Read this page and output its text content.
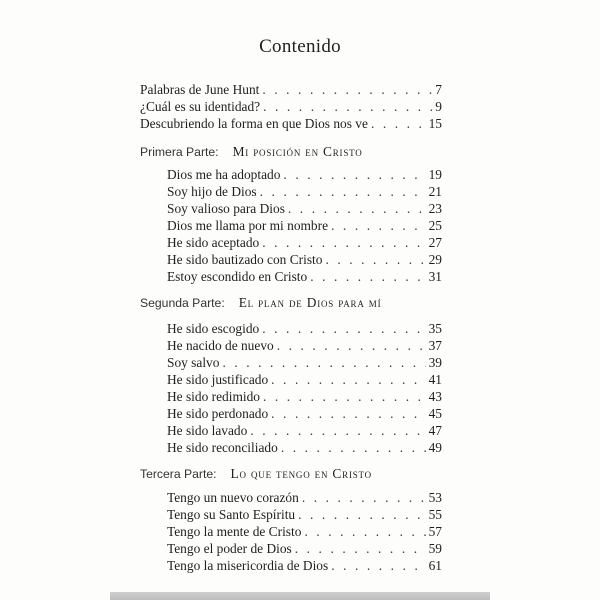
Contenido
Palabras de June Hunt . . .	7
¿Cuál es su identidad? . . .	9
Descubriendo la forma en que Dios nos ve . . .	15
Primera Parte: Mi posición en Cristo
Dios me ha adoptado . . .	19
Soy hijo de Dios . . .	21
Soy valioso para Dios . . .	23
Dios me llama por mi nombre . . .	25
He sido aceptado . . .	27
He sido bautizado con Cristo . . .	29
Estoy escondido en Cristo . . .	31
Segunda Parte: El plan de Dios para mí
He sido escogido . . .	35
He nacido de nuevo . . .	37
Soy salvo . . .	39
He sido justificado . . .	41
He sido redimido . . .	43
He sido perdonado . . .	45
He sido lavado . . .	47
He sido reconciliado . . .	49
Tercera Parte: Lo que tengo en Cristo
Tengo un nuevo corazón . . .	53
Tengo su Santo Espíritu . . .	55
Tengo la mente de Cristo . . .	57
Tengo el poder de Dios . . .	59
Tengo la misericordia de Dios . . .	61
